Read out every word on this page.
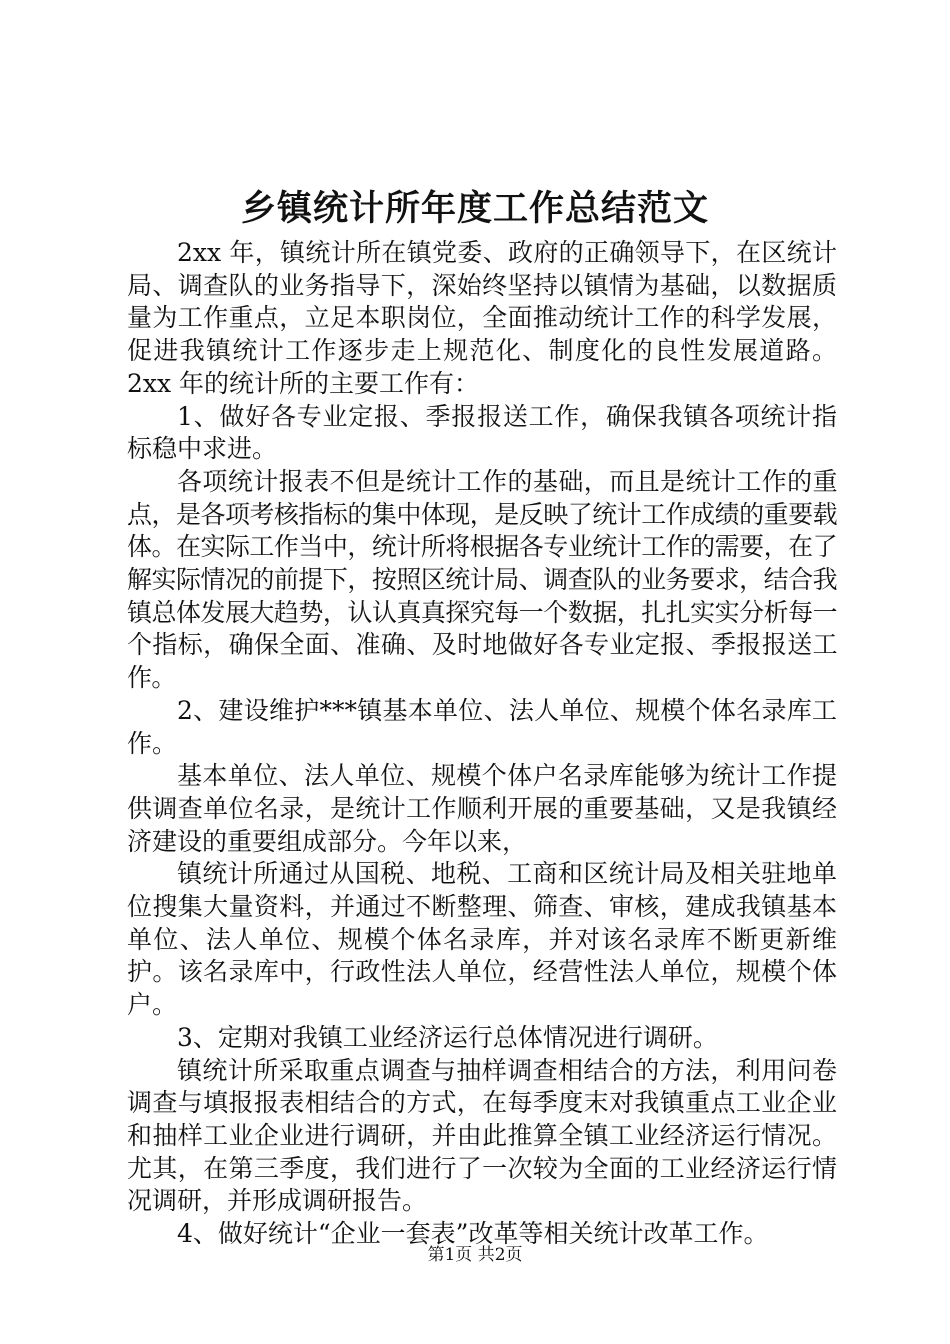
乡镇统计所年度工作总结范文

2xx 年，镇统计所在镇党委、政府的正确领导下，在区统计局、调查队的业务指导下，深始终坚持以镇情为基础，以数据质量为工作重点，立足本职岗位，全面推动统计工作的科学发展，促进我镇统计工作逐步走上规范化、制度化的良性发展道路。2xx 年的统计所的主要工作有：

1、做好各专业定报、季报报送工作，确保我镇各项统计指标稳中求进。

各项统计报表不但是统计工作的基础，而且是统计工作的重点，是各项考核指标的集中体现，是反映了统计工作成绩的重要载体。在实际工作当中，统计所将根据各专业统计工作的需要，在了解实际情况的前提下，按照区统计局、调查队的业务要求，结合我镇总体发展大趋势，认认真真探究每一个数据，扎扎实实分析每一个指标，确保全面、准确、及时地做好各专业定报、季报报送工作。

2、建设维护***镇基本单位、法人单位、规模个体名录库工作。

基本单位、法人单位、规模个体户名录库能够为统计工作提供调查单位名录，是统计工作顺利开展的重要基础，又是我镇经济建设的重要组成部分。今年以来，

镇统计所通过从国税、地税、工商和区统计局及相关驻地单位搜集大量资料，并通过不断整理、筛查、审核，建成我镇基本单位、法人单位、规模个体名录库，并对该名录库不断更新维护。该名录库中，行政性法人单位，经营性法人单位，规模个体户。

3、定期对我镇工业经济运行总体情况进行调研。

镇统计所采取重点调查与抽样调查相结合的方法，利用问卷调查与填报报表相结合的方式，在每季度末对我镇重点工业企业和抽样工业企业进行调研，并由此推算全镇工业经济运行情况。尤其，在第三季度，我们进行了一次较为全面的工业经济运行情况调研，并形成调研报告。

4、做好统计“企业一套表”改革等相关统计改革工作。

第1页 共2页
